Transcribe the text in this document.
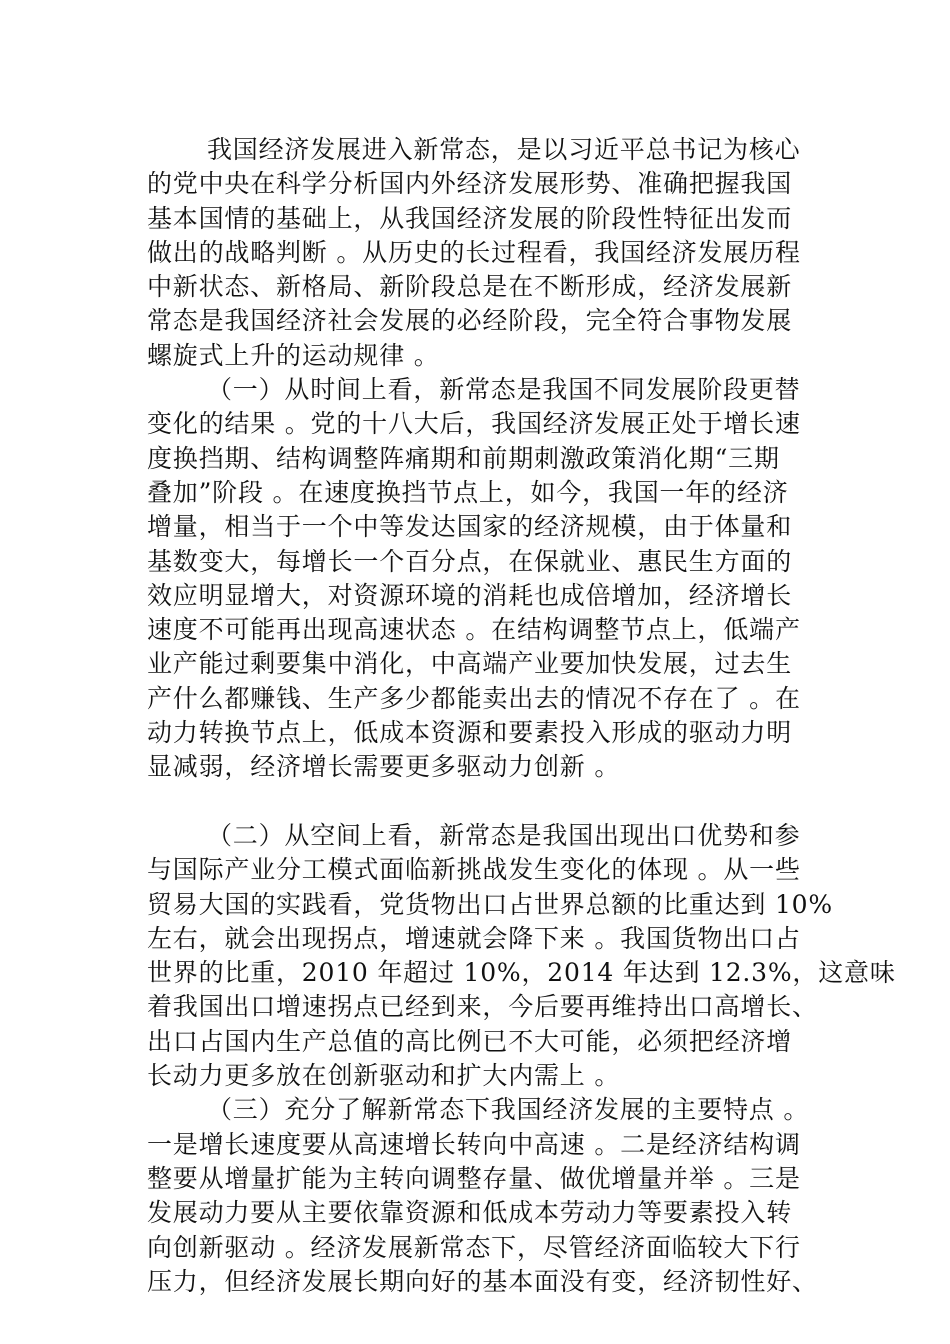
我国经济发展进入新常态，是以习近平总书记为核心
的党中央在科学分析国内外经济发展形势、准确把握我国
基本国情的基础上，从我国经济发展的阶段性特征出发而
做出的战略判断 。从历史的长过程看，我国经济发展历程
中新状态、新格局、新阶段总是在不断形成，经济发展新
常态是我国经济社会发展的必经阶段，完全符合事物发展
螺旋式上升的运动规律 。
（一）从时间上看，新常态是我国不同发展阶段更替
变化的结果 。党的十八大后，我国经济发展正处于增长速
度换挡期、结构调整阵痛期和前期刺激政策消化期“三期
叠加”阶段 。在速度换挡节点上，如今，我国一年的经济
增量，相当于一个中等发达国家的经济规模，由于体量和
基数变大，每增长一个百分点，在保就业、惠民生方面的
效应明显增大，对资源环境的消耗也成倍增加，经济增长
速度不可能再出现高速状态 。在结构调整节点上，低端产
业产能过剩要集中消化，中高端产业要加快发展，过去生
产什么都赚钱、生产多少都能卖出去的情况不存在了 。在
动力转换节点上，低成本资源和要素投入形成的驱动力明
显减弱，经济增长需要更多驱动力创新 。
（二）从空间上看，新常态是我国出现出口优势和参
与国际产业分工模式面临新挑战发生变化的体现 。从一些
贸易大国的实践看，党货物出口占世界总额的比重达到 10%
左右，就会出现拐点，增速就会降下来 。我国货物出口占
世界的比重，2010 年超过 10%，2014 年达到 12.3%，这意味
着我国出口增速拐点已经到来，今后要再维持出口高增长、
出口占国内生产总值的高比例已不大可能，必须把经济增
长动力更多放在创新驱动和扩大内需上 。
（三）充分了解新常态下我国经济发展的主要特点 。
一是增长速度要从高速增长转向中高速 。二是经济结构调
整要从增量扩能为主转向调整存量、做优增量并举 。三是
发展动力要从主要依靠资源和低成本劳动力等要素投入转
向创新驱动 。经济发展新常态下，尽管经济面临较大下行
压力，但经济发展长期向好的基本面没有变，经济韧性好、
